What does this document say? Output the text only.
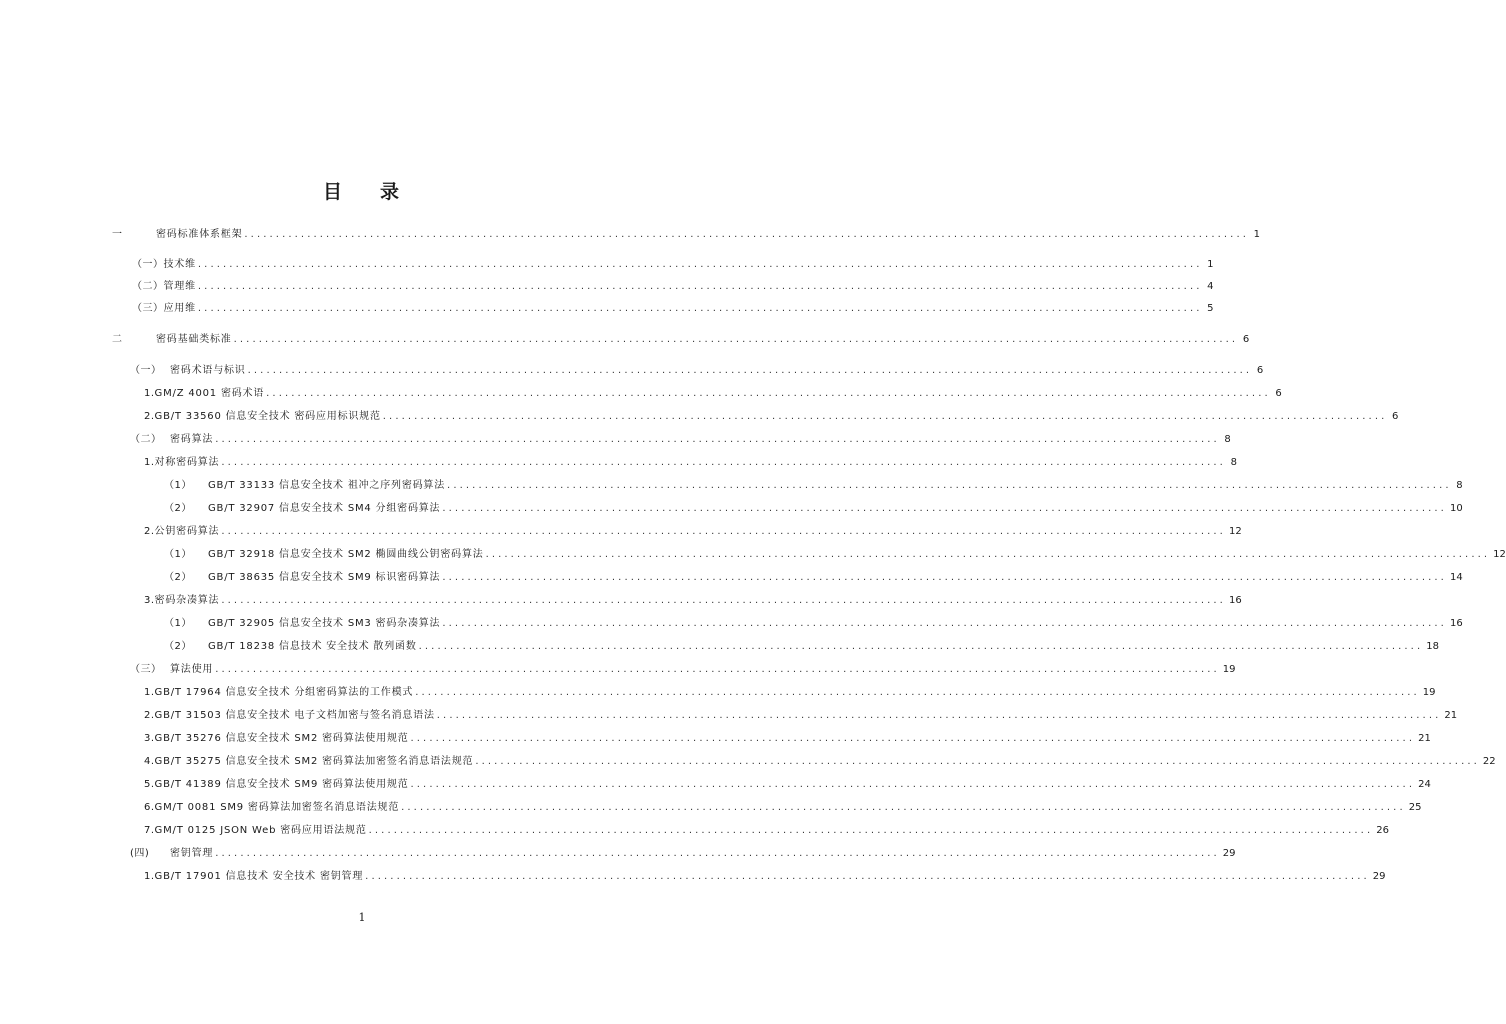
目 录
一	密码标准体系框架 ................................................................................................................................................................ 1
（一） 技术维 ................................................................................................................................................................ 1
（二） 管理维 ................................................................................................................................................................ 4
（三） 应用维 ................................................................................................................................................................ 5
二	密码基础类标准 ................................................................................................................................................................ 6
（一） 密码术语与标识 ................................................................................................................................................................ 6
1. GM/Z 4001 密码术语 ................................................................................................................................................................ 6
2. GB/T 33560 信息安全技术 密码应用标识规范 ................................................................................................................................................................ 6
（二） 密码算法 ................................................................................................................................................................ 8
1. 对称密码算法 ................................................................................................................................................................ 8
（1）	GB/T 33133 信息安全技术 祖冲之序列密码算法 ................................................................................................................................................................ 8
（2）	GB/T 32907 信息安全技术 SM4 分组密码算法 ................................................................................................................................................................ 10
2. 公钥密码算法 ................................................................................................................................................................ 12
（1）	GB/T 32918 信息安全技术 SM2 椭圆曲线公钥密码算法 ................................................................................................................................................................ 12
（2）	GB/T 38635 信息安全技术 SM9 标识密码算法 ................................................................................................................................................................ 14
3. 密码杂凑算法 ................................................................................................................................................................ 16
（1）	GB/T 32905 信息安全技术 SM3 密码杂凑算法 ................................................................................................................................................................ 16
（2）	GB/T 18238 信息技术 安全技术 散列函数 ................................................................................................................................................................ 18
（三） 算法使用 ................................................................................................................................................................ 19
1. GB/T 17964 信息安全技术 分组密码算法的工作模式 ................................................................................................................................................................ 19
2. GB/T 31503 信息安全技术 电子文档加密与签名消息语法 ................................................................................................................................................................ 21
3. GB/T 35276 信息安全技术 SM2 密码算法使用规范 ................................................................................................................................................................ 21
4. GB/T 35275 信息安全技术 SM2 密码算法加密签名消息语法规范 ................................................................................................................................................................ 22
5. GB/T 41389 信息安全技术 SM9 密码算法使用规范 ................................................................................................................................................................ 24
6. GM/T 0081 SM9 密码算法加密签名消息语法规范 ................................................................................................................................................................ 25
7. GM/T 0125 JSON Web 密码应用语法规范 ................................................................................................................................................................ 26
(四)	密钥管理 ................................................................................................................................................................ 29
1. GB/T 17901 信息技术 安全技术 密钥管理 ................................................................................................................................................................ 29
1
